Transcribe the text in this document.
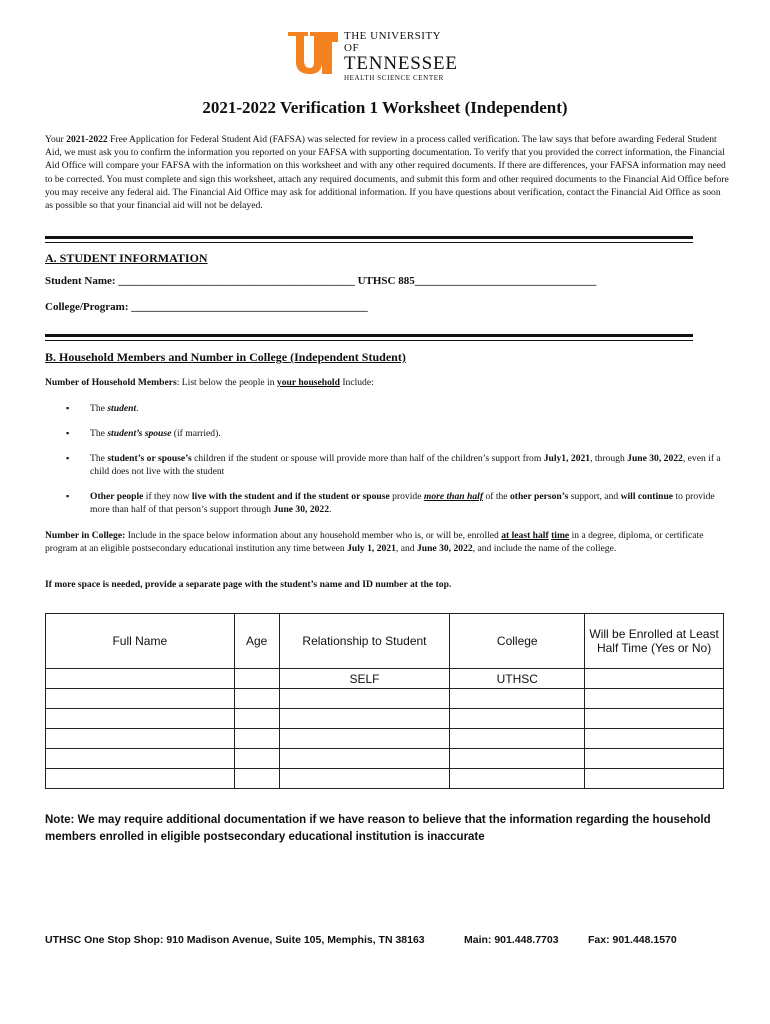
THE UNIVERSITY OF
TENNESSEE
HEALTH SCIENCE CENTER
2021-2022 Verification 1 Worksheet (Independent)
Your 2021-2022 Free Application for Federal Student Aid (FAFSA) was selected for review in a process called verification. The law says that before awarding Federal Student Aid, we must ask you to confirm the information you reported on your FAFSA with supporting documentation. To verify that you provided the correct information, the Financial Aid Office will compare your FAFSA with the information on this worksheet and with any other required documents. If there are differences, your FAFSA information may need to be corrected. You must complete and sign this worksheet, attach any required documents, and submit this form and other required documents to the Financial Aid Office before you may receive any federal aid. The Financial Aid Office may ask for additional information. If you have questions about verification, contact the Financial Aid Office as soon as possible so that your financial aid will not be delayed.
A. STUDENT INFORMATION
Student Name: ___________________________________________ UTHSC 885_________________________________
College/Program: ___________________________________________
B. Household Members and Number in College (Independent Student)
Number of Household Members: List below the people in your household Include:
▪ The student.
▪ The student’s spouse (if married).
▪ The student’s or spouse’s children if the student or spouse will provide more than half of the children’s support from July1, 2021, through June 30, 2022, even if a child does not live with the student
▪ Other people if they now live with the student and if the student or spouse provide more than half of the other person’s support, and will continue to provide more than half of that person’s support through June 30, 2022.
Number in College: Include in the space below information about any household member who is, or will be, enrolled at least half time in a degree, diploma, or certificate program at an eligible postsecondary educational institution any time between July 1, 2021, and June 30, 2022, and include the name of the college.
If more space is needed, provide a separate page with the student’s name and ID number at the top.
Full Name	Age	Relationship to Student	College	Will be Enrolled at Least Half Time (Yes or No)
		SELF	UTHSC	

Note: We may require additional documentation if we have reason to believe that the information regarding the household members enrolled in eligible postsecondary educational institution is inaccurate
UTHSC One Stop Shop: 910 Madison Avenue, Suite 105, Memphis, TN 38163	Main: 901.448.7703	Fax: 901.448.1570
